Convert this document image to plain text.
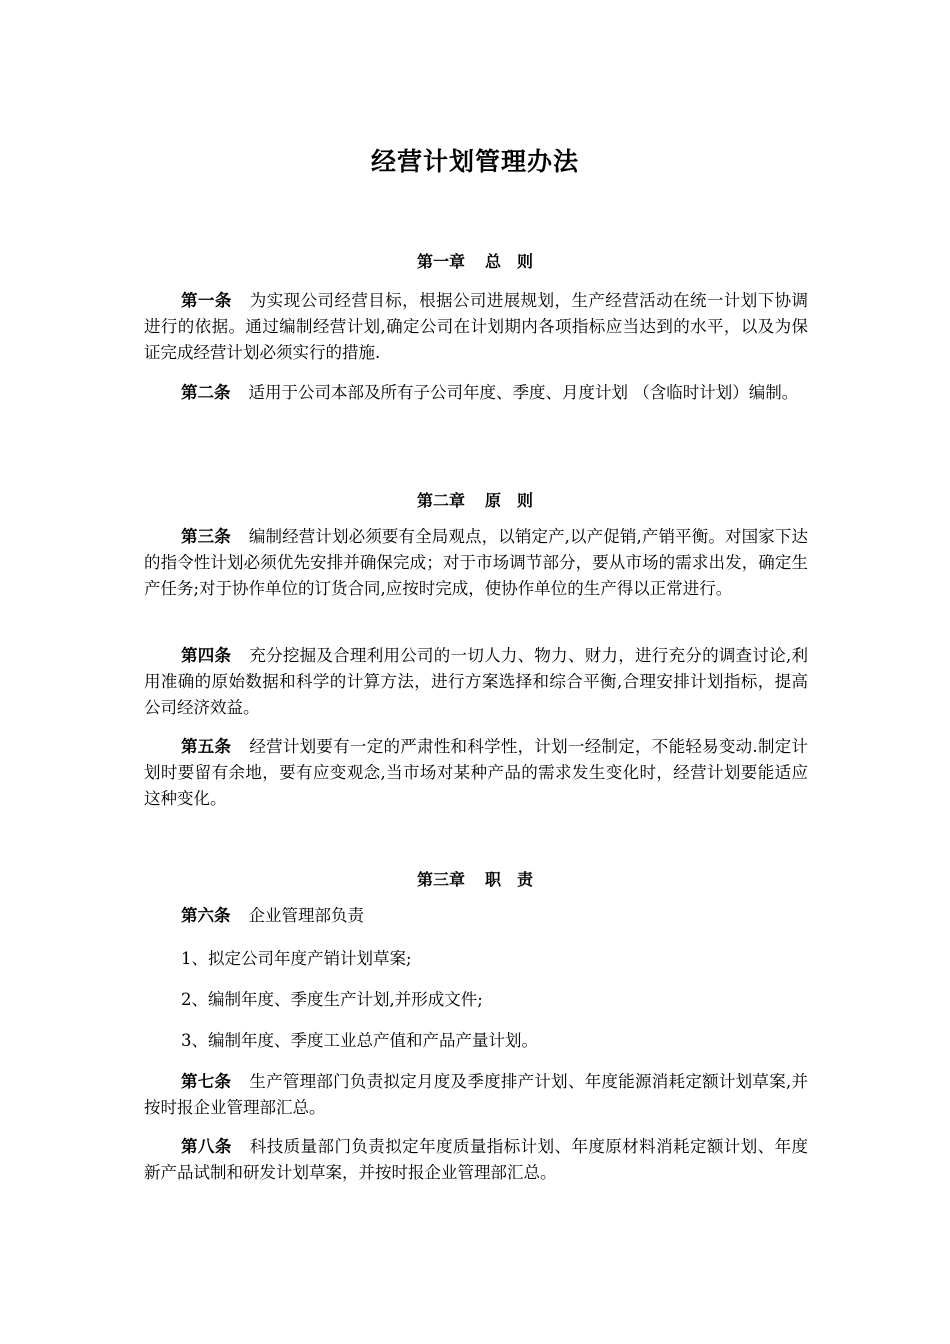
经营计划管理办法
第一章 总　则

第一条 为实现公司经营目标，根据公司进展规划，生产经营活动在统一计划下协调进行的依据。通过编制经营计划,确定公司在计划期内各项指标应当达到的水平，以及为保证完成经营计划必须实行的措施.

第二条 适用于公司本部及所有子公司年度、季度、月度计划 （含临时计划）编制。

第二章 原　则

第三条 编制经营计划必须要有全局观点，以销定产,以产促销,产销平衡。对国家下达的指令性计划必须优先安排并确保完成；对于市场调节部分，要从市场的需求出发，确定生产任务;对于协作单位的订货合同,应按时完成，使协作单位的生产得以正常进行。

第四条 充分挖掘及合理利用公司的一切人力、物力、财力，进行充分的调查讨论,利用准确的原始数据和科学的计算方法，进行方案选择和综合平衡,合理安排计划指标，提高公司经济效益。

第五条 经营计划要有一定的严肃性和科学性，计划一经制定，不能轻易变动.制定计划时要留有余地，要有应变观念,当市场对某种产品的需求发生变化时，经营计划要能适应这种变化。

第三章 职　责

第六条 企业管理部负责

1、拟定公司年度产销计划草案;

2、编制年度、季度生产计划,并形成文件;

3、编制年度、季度工业总产值和产品产量计划。

第七条 生产管理部门负责拟定月度及季度排产计划、年度能源消耗定额计划草案,并按时报企业管理部汇总。

第八条 科技质量部门负责拟定年度质量指标计划、年度原材料消耗定额计划、年度新产品试制和研发计划草案，并按时报企业管理部汇总。
